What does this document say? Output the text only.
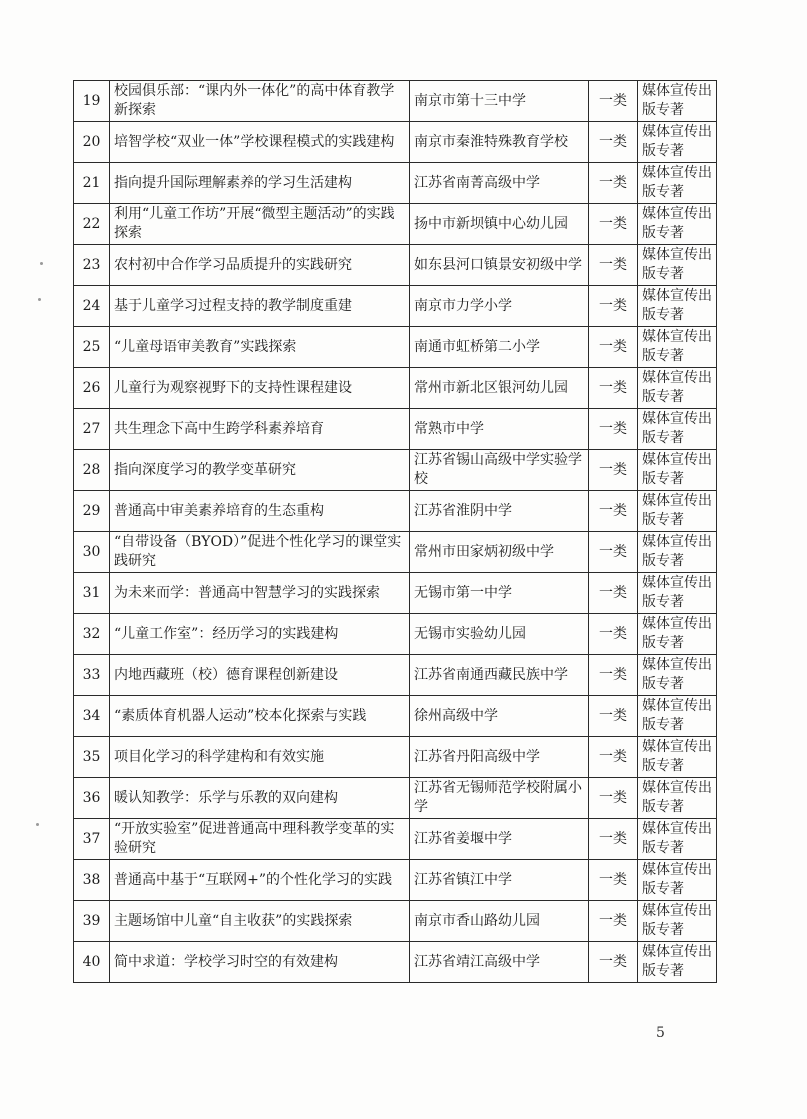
19	校园俱乐部：“课内外一体化”的高中体育教学新探索	南京市第十三中学	一类	媒体宣传出版专著
20	培智学校“双业一体”学校课程模式的实践建构	南京市秦淮特殊教育学校	一类	媒体宣传出版专著
21	指向提升国际理解素养的学习生活建构	江苏省南菁高级中学	一类	媒体宣传出版专著
22	利用“儿童工作坊”开展“微型主题活动”的实践探索	扬中市新坝镇中心幼儿园	一类	媒体宣传出版专著
23	农村初中合作学习品质提升的实践研究	如东县河口镇景安初级中学	一类	媒体宣传出版专著
24	基于儿童学习过程支持的教学制度重建	南京市力学小学	一类	媒体宣传出版专著
25	“儿童母语审美教育”实践探索	南通市虹桥第二小学	一类	媒体宣传出版专著
26	儿童行为观察视野下的支持性课程建设	常州市新北区银河幼儿园	一类	媒体宣传出版专著
27	共生理念下高中生跨学科素养培育	常熟市中学	一类	媒体宣传出版专著
28	指向深度学习的教学变革研究	江苏省锡山高级中学实验学校	一类	媒体宣传出版专著
29	普通高中审美素养培育的生态重构	江苏省淮阴中学	一类	媒体宣传出版专著
30	“自带设备（BYOD）”促进个性化学习的课堂实践研究	常州市田家炳初级中学	一类	媒体宣传出版专著
31	为未来而学：普通高中智慧学习的实践探索	无锡市第一中学	一类	媒体宣传出版专著
32	“儿童工作室”：经历学习的实践建构	无锡市实验幼儿园	一类	媒体宣传出版专著
33	内地西藏班（校）德育课程创新建设	江苏省南通西藏民族中学	一类	媒体宣传出版专著
34	“素质体育机器人运动”校本化探索与实践	徐州高级中学	一类	媒体宣传出版专著
35	项目化学习的科学建构和有效实施	江苏省丹阳高级中学	一类	媒体宣传出版专著
36	暖认知教学：乐学与乐教的双向建构	江苏省无锡师范学校附属小学	一类	媒体宣传出版专著
37	“开放实验室”促进普通高中理科教学变革的实验研究	江苏省姜堰中学	一类	媒体宣传出版专著
38	普通高中基于“互联网+”的个性化学习的实践	江苏省镇江中学	一类	媒体宣传出版专著
39	主题场馆中儿童“自主收获”的实践探索	南京市香山路幼儿园	一类	媒体宣传出版专著
40	简中求道：学校学习时空的有效建构	江苏省靖江高级中学	一类	媒体宣传出版专著
5
